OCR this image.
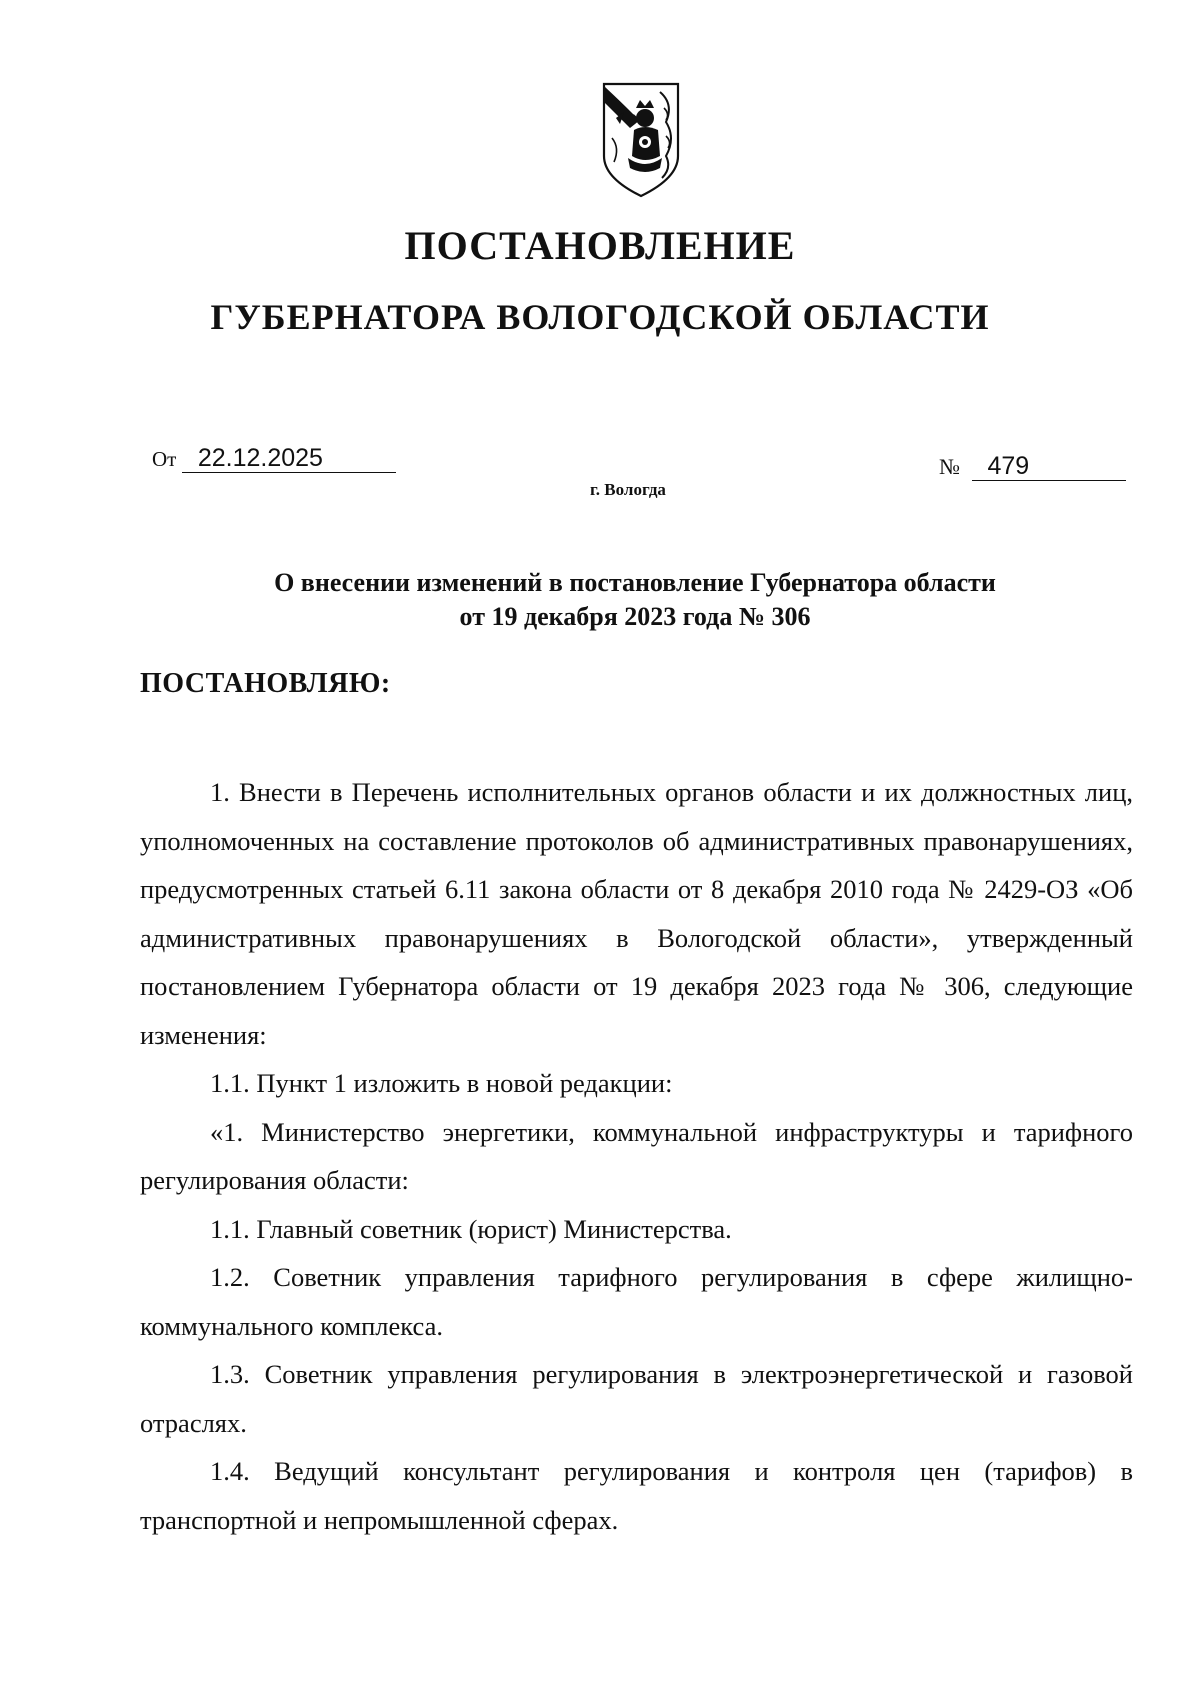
ПОСТАНОВЛЕНИЕ
ГУБЕРНАТОРА ВОЛОГОДСКОЙ ОБЛАСТИ
От 22.12.2025	№ 479
г. Вологда
О внесении изменений в постановление Губернатора области
от 19 декабря 2023 года № 306
ПОСТАНОВЛЯЮ:

1. Внести в Перечень исполнительных органов области и их должностных лиц, уполномоченных на составление протоколов об административных правонарушениях, предусмотренных статьей 6.11 закона области от 8 декабря 2010 года № 2429-ОЗ «Об административных правонарушениях в Вологодской области», утвержденный постановлением Губернатора области от 19 декабря 2023 года № 306, следующие изменения:

1.1. Пункт 1 изложить в новой редакции:

«1. Министерство энергетики, коммунальной инфраструктуры и тарифного регулирования области:

1.1. Главный советник (юрист) Министерства.

1.2. Советник управления тарифного регулирования в сфере жилищно-коммунального комплекса.

1.3. Советник управления регулирования в электроэнергетической и газовой отраслях.

1.4. Ведущий консультант регулирования и контроля цен (тарифов) в транспортной и непромышленной сферах.
